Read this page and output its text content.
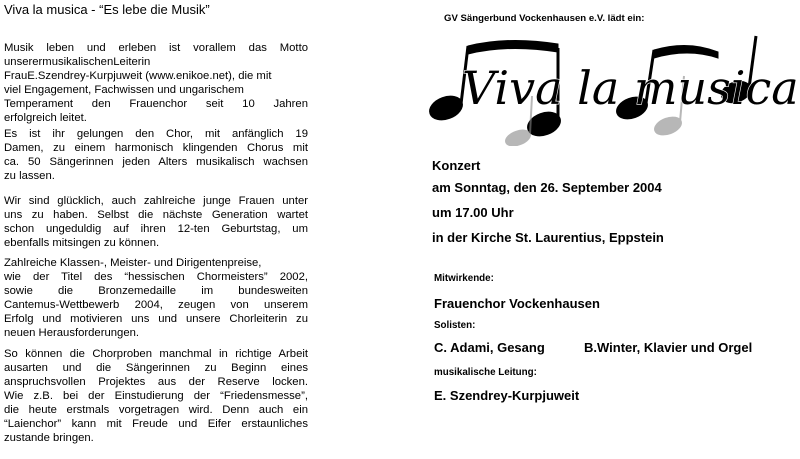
Viva la musica - “Es lebe die Musik”
Musik leben und erleben ist vorallem das Motto
unserermusikalischenLeiterin
FrauE.Szendrey-Kurpjuweit (www.enikoe.net), die mit
viel Engagement, Fachwissen und ungarischem
Temperament den Frauenchor seit 10 Jahren
erfolgreich leitet.
Es ist ihr gelungen den Chor, mit anfänglich 19
Damen, zu einem harmonisch klingenden Chorus mit
ca. 50 Sängerinnen jeden Alters musikalisch wachsen
zu lassen.
Wir sind glücklich, auch zahlreiche junge Frauen unter
uns zu haben. Selbst die nächste Generation wartet
schon ungeduldig auf ihren 12-ten Geburtstag, um
ebenfalls mitsingen zu können.
Zahlreiche Klassen-, Meister- und Dirigentenpreise,
wie der Titel des “hessischen Chormeisters” 2002,
sowie die Bronzemedaille im bundesweiten
Cantemus-Wettbewerb 2004, zeugen von unserem
Erfolg und motivieren uns und unsere Chorleiterin zu
neuen Herausforderungen.
So können die Chorproben manchmal in richtige Arbeit
ausarten und die Sängerinnen zu Beginn eines
anspruchsvollen Projektes aus der Reserve locken.
Wie z.B. bei der Einstudierung der “Friedensmesse”,
die heute erstmals vorgetragen wird. Denn auch ein
“Laienchor” kann mit Freude und Eifer erstaunliches
zustande bringen.
GV Sängerbund Vockenhausen e.V. lädt ein:
Viva la musica
Konzert
am Sonntag, den 26. September 2004
um 17.00 Uhr
in der Kirche St. Laurentius, Eppstein
Mitwirkende:
Frauenchor Vockenhausen
Solisten:
C. Adami, Gesang	B.Winter, Klavier und Orgel
musikalische Leitung:
E. Szendrey-Kurpjuweit
